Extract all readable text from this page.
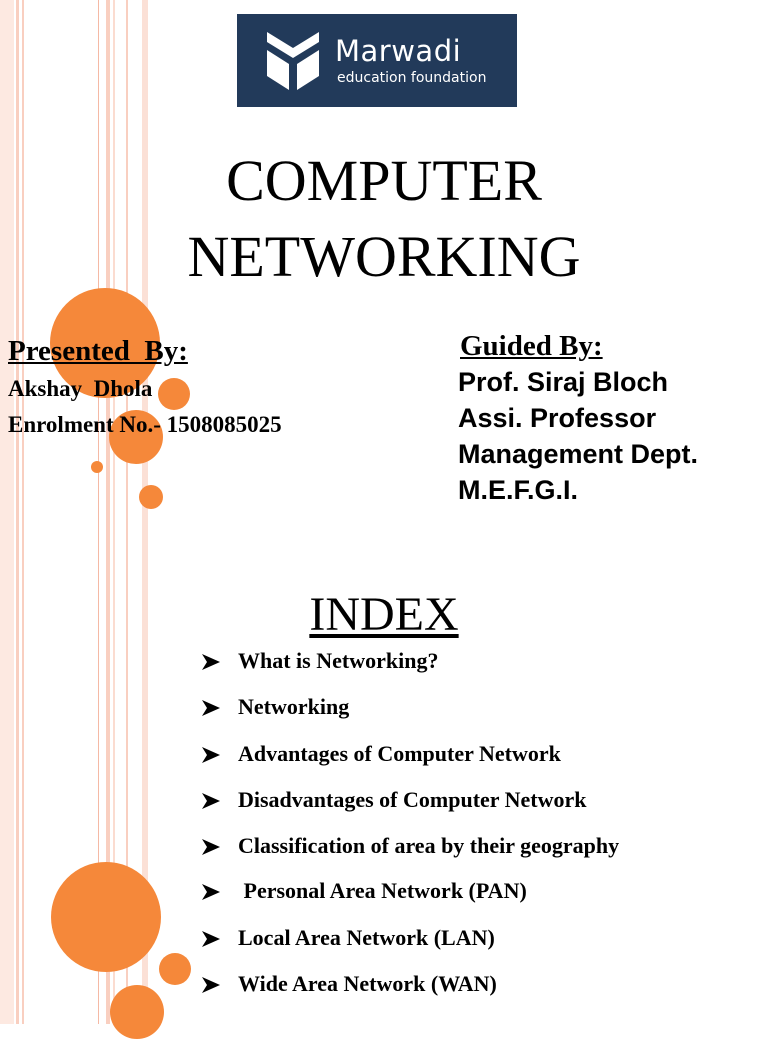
Marwadi
education foundation
COMPUTER
NETWORKING
Presented  By:
Akshay  Dhola
Enrolment No.- 1508085025
Guided By:
Prof. Siraj Bloch
Assi. Professor
Management Dept.
M.E.F.G.I.
INDEX
What is Networking?
Networking
Advantages of Computer Network
Disadvantages of Computer Network
Classification of area by their geography
Personal Area Network (PAN)
Local Area Network (LAN)
Wide Area Network (WAN)
